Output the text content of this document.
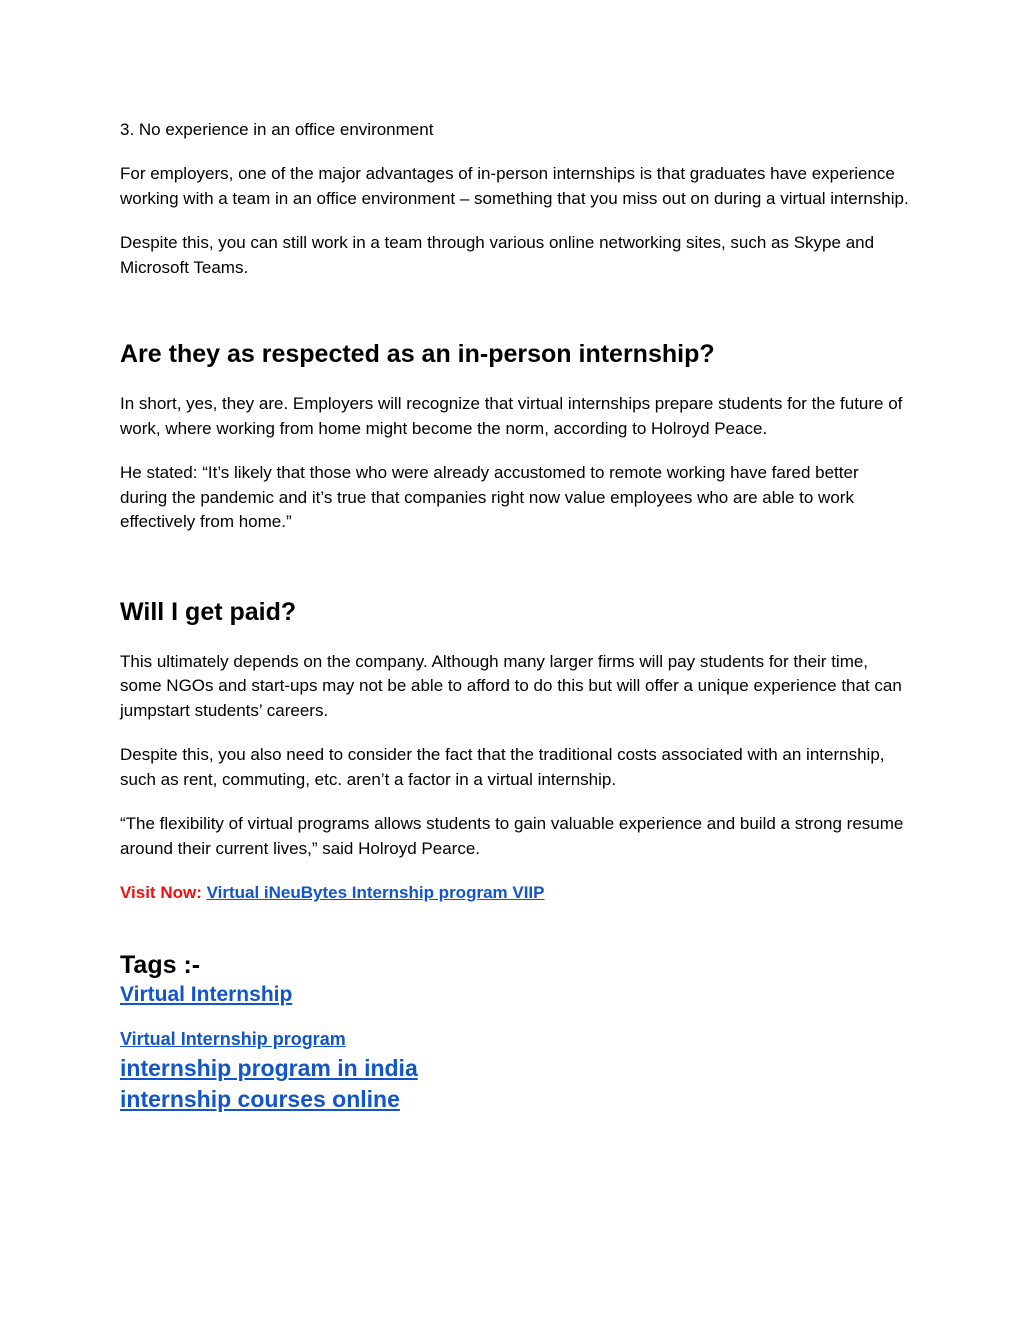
3. No experience in an office environment

For employers, one of the major advantages of in-person internships is that graduates have experience working with a team in an office environment – something that you miss out on during a virtual internship.

Despite this, you can still work in a team through various online networking sites, such as Skype and Microsoft Teams.

Are they as respected as an in-person internship?

In short, yes, they are. Employers will recognize that virtual internships prepare students for the future of work, where working from home might become the norm, according to Holroyd Peace.

He stated: “It’s likely that those who were already accustomed to remote working have fared better during the pandemic and it’s true that companies right now value employees who are able to work effectively from home.”

Will I get paid?

This ultimately depends on the company. Although many larger firms will pay students for their time, some NGOs and start-ups may not be able to afford to do this but will offer a unique experience that can jumpstart students’ careers.

Despite this, you also need to consider the fact that the traditional costs associated with an internship, such as rent, commuting, etc. aren’t a factor in a virtual internship.

“The flexibility of virtual programs allows students to gain valuable experience and build a strong resume around their current lives,” said Holroyd Pearce.

Visit Now: Virtual iNeuBytes Internship program VIIP

Tags :-
Virtual Internship
Virtual Internship program
internship program in india
internship courses online
